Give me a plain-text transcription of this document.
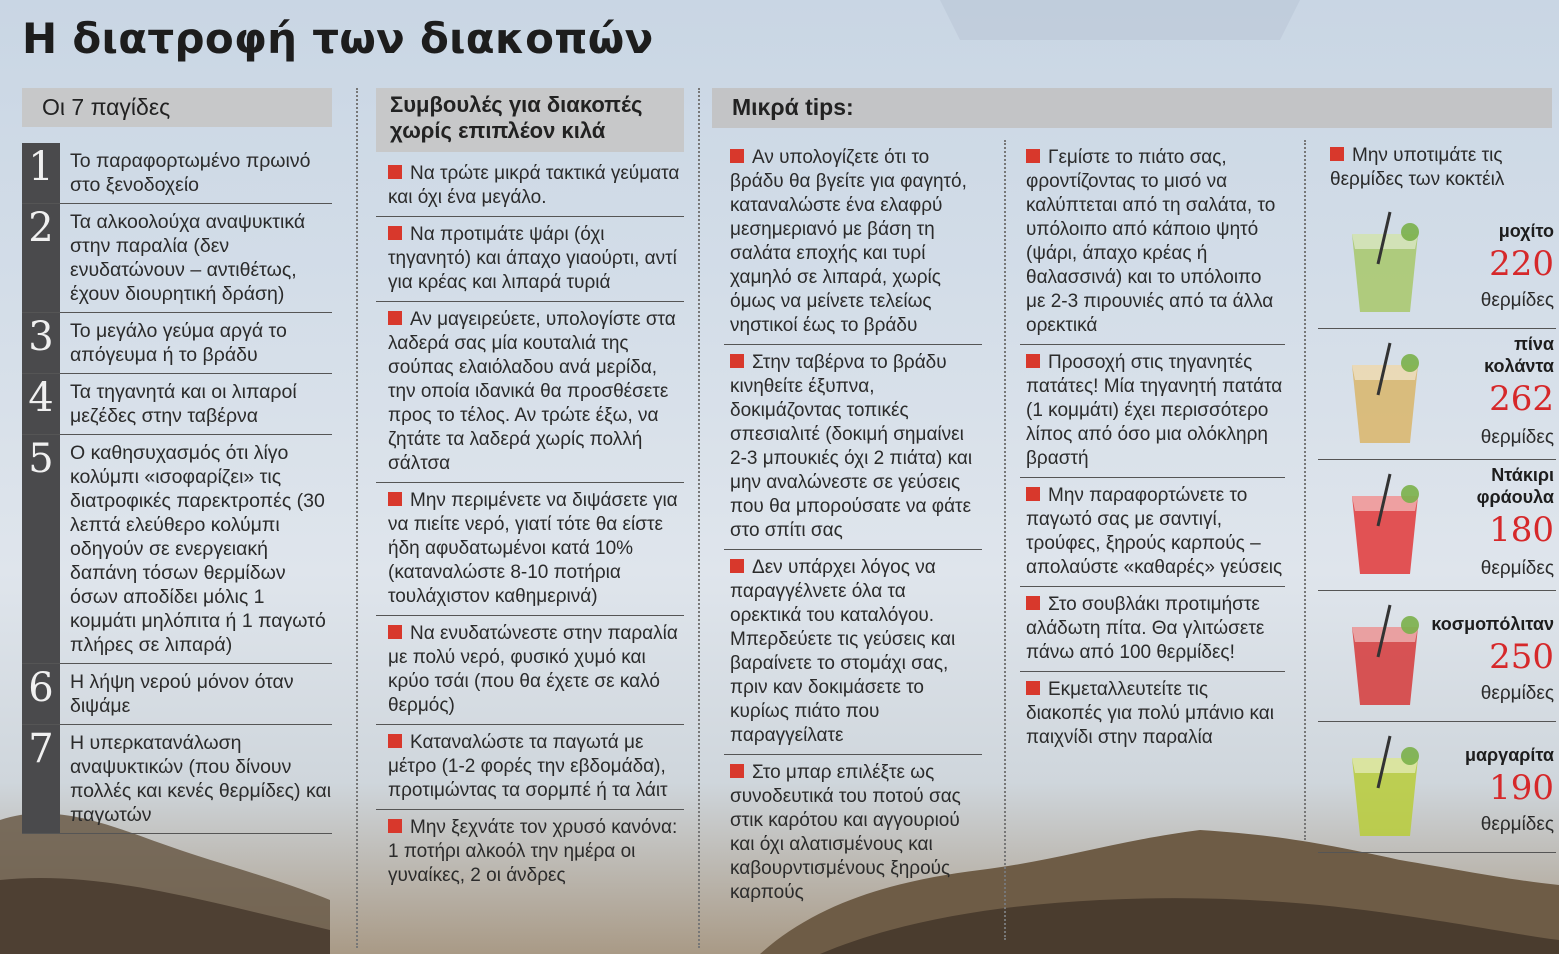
Η διατροφή των διακοπών
Οι 7 παγίδες
1 Το παραφορτωμένο πρωινό στο ξενοδοχείο
2 Τα αλκοολούχα αναψυκτικά στην παραλία (δεν ενυδατώνουν – αντιθέτως, έχουν διουρητική δράση)
3 Το μεγάλο γεύμα αργά το απόγευμα ή το βράδυ
4 Τα τηγανητά και οι λιπαροί μεζέδες στην ταβέρνα
5 Ο καθησυχασμός ότι λίγο κολύμπι «ισοφαρίζει» τις διατροφικές παρεκτροπές (30 λεπτά ελεύθερο κολύμπι οδηγούν σε ενεργειακή δαπάνη τόσων θερμίδων όσων αποδίδει μόλις 1 κομμάτι μηλόπιτα ή 1 παγωτό πλήρες σε λιπαρά)
6 Η λήψη νερού μόνον όταν διψάμε
7 Η υπερκατανάλωση αναψυκτικών (που δίνουν πολλές και κενές θερμίδες) και παγωτών
Συμβουλές για διακοπές χωρίς επιπλέον κιλά
Να τρώτε μικρά τακτικά γεύματα και όχι ένα μεγάλο.
Να προτιμάτε ψάρι (όχι τηγανητό) και άπαχο γιαούρτι, αντί για κρέας και λιπαρά τυριά
Αν μαγειρεύετε, υπολογίστε στα λαδερά σας μία κουταλιά της σούπας ελαιόλαδου ανά μερίδα, την οποία ιδανικά θα προσθέσετε προς το τέλος. Αν τρώτε έξω, να ζητάτε τα λαδερά χωρίς πολλή σάλτσα
Μην περιμένετε να διψάσετε για να πιείτε νερό, γιατί τότε θα είστε ήδη αφυδατωμένοι κατά 10% (καταναλώστε 8-10 ποτήρια τουλάχιστον καθημερινά)
Να ενυδατώνεστε στην παραλία με πολύ νερό, φυσικό χυμό και κρύο τσάι (που θα έχετε σε καλό θερμός)
Καταναλώστε τα παγωτά με μέτρο (1-2 φορές την εβδομάδα), προτιμώντας τα σορμπέ ή τα λάιτ
Μην ξεχνάτε τον χρυσό κανόνα: 1 ποτήρι αλκοόλ την ημέρα οι γυναίκες, 2 οι άνδρες
Μικρά tips:
Αν υπολογίζετε ότι το βράδυ θα βγείτε για φαγητό, καταναλώστε ένα ελαφρύ μεσημεριανό με βάση τη σαλάτα εποχής και τυρί χαμηλό σε λιπαρά, χωρίς όμως να μείνετε τελείως νηστικοί έως το βράδυ
Στην ταβέρνα το βράδυ κινηθείτε έξυπνα, δοκιμάζοντας τοπικές σπεσιαλιτέ (δοκιμή σημαίνει 2-3 μπουκιές όχι 2 πιάτα) και μην αναλώνεστε σε γεύσεις που θα μπορούσατε να φάτε στο σπίτι σας
Δεν υπάρχει λόγος να παραγγέλνετε όλα τα ορεκτικά του καταλόγου. Μπερδεύετε τις γεύσεις και βαραίνετε το στομάχι σας, πριν καν δοκιμάσετε το κυρίως πιάτο που παραγγείλατε
Στο μπαρ επιλέξτε ως συνοδευτικά του ποτού σας στικ καρότου και αγγουριού και όχι αλατισμένους και καβουρντισμένους ξηρούς καρπούς
Γεμίστε το πιάτο σας, φροντίζοντας το μισό να καλύπτεται από τη σαλάτα, το υπόλοιπο από κάποιο ψητό (ψάρι, άπαχο κρέας ή θαλασσινά) και το υπόλοιπο με 2-3 πιρουνιές από τα άλλα ορεκτικά
Προσοχή στις τηγανητές πατάτες! Μία τηγανητή πατάτα (1 κομμάτι) έχει περισσότερο λίπος από όσο μια ολόκληρη βραστή
Μην παραφορτώνετε το παγωτό σας με σαντιγί, τρούφες, ξηρούς καρπούς – απολαύστε «καθαρές» γεύσεις
Στο σουβλάκι προτιμήστε αλάδωτη πίτα. Θα γλιτώσετε πάνω από 100 θερμίδες!
Εκμεταλλευτείτε τις διακοπές για πολύ μπάνιο και παιχνίδι στην παραλία
Μην υποτιμάτε τις θερμίδες των κοκτέιλ
μοχίτο
220
θερμίδες
πίνα κολάντα
262
θερμίδες
Ντάκιρι φράουλα
180
θερμίδες
κοσμοπόλιταν
250
θερμίδες
μαργαρίτα
190
θερμίδες
